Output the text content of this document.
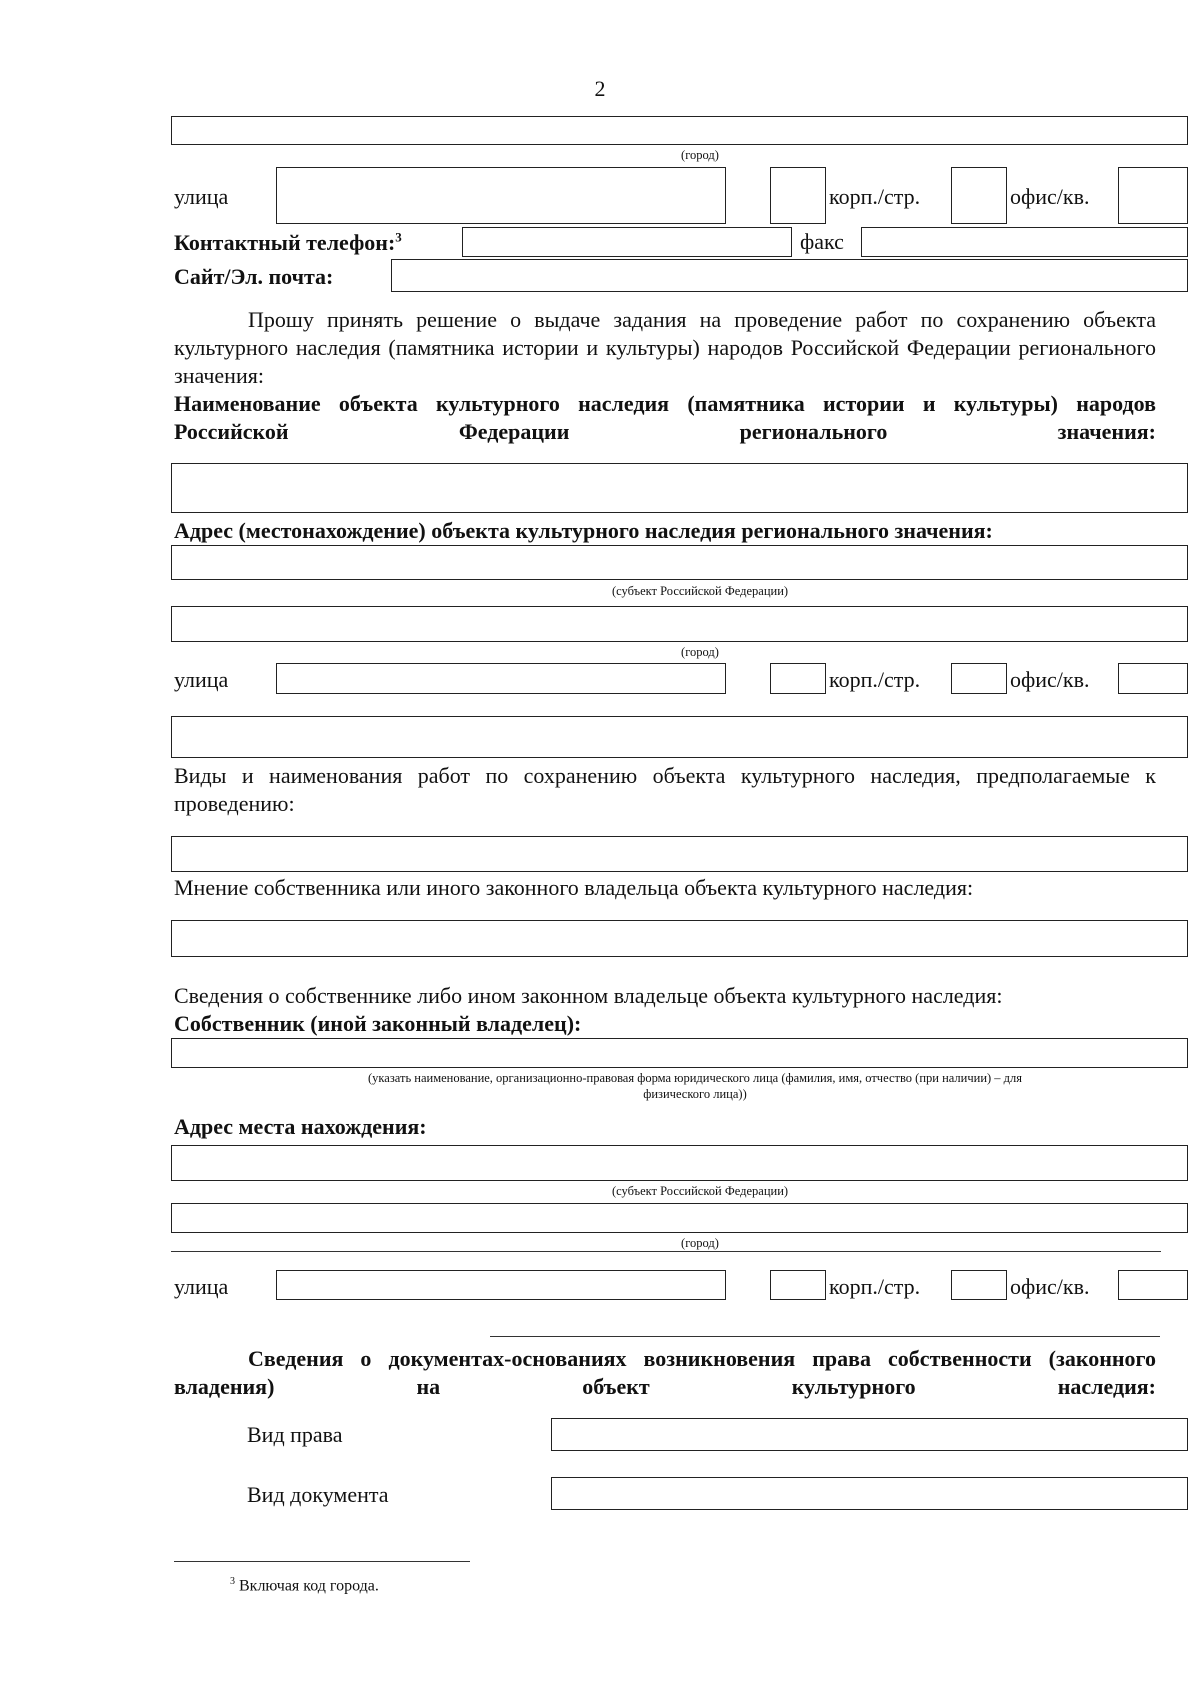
2
(город)
улица	корп./стр.	офис/кв.
Контактный телефон:$^3$	факс
Сайт/Эл. почта:
Прошу принять решение о выдаче задания на проведение работ по сохранению объекта культурного наследия (памятника истории и культуры) народов Российской Федерации регионального значения:
Наименование объекта культурного наследия (памятника истории и культуры) народов Российской Федерации регионального значения:
Адрес (местонахождение) объекта культурного наследия регионального значения:
(субъект Российской Федерации)
(город)
улица	корп./стр.	офис/кв.
Виды и наименования работ по сохранению объекта культурного наследия, предполагаемые к проведению:
Мнение собственника или иного законного владельца объекта культурного наследия:
Сведения о собственнике либо ином законном владельце объекта культурного наследия:
Собственник (иной законный владелец):
(указать наименование, организационно-правовая форма юридического лица (фамилия, имя, отчество (при наличии) – для
физического лица))
Адрес места нахождения:
(субъект Российской Федерации)
(город)
улица	корп./стр.	офис/кв.
Сведения о документах-основаниях возникновения права собственности (законного владения) на объект культурного наследия:
Вид права
Вид документа
$^3$ Включая код города.
